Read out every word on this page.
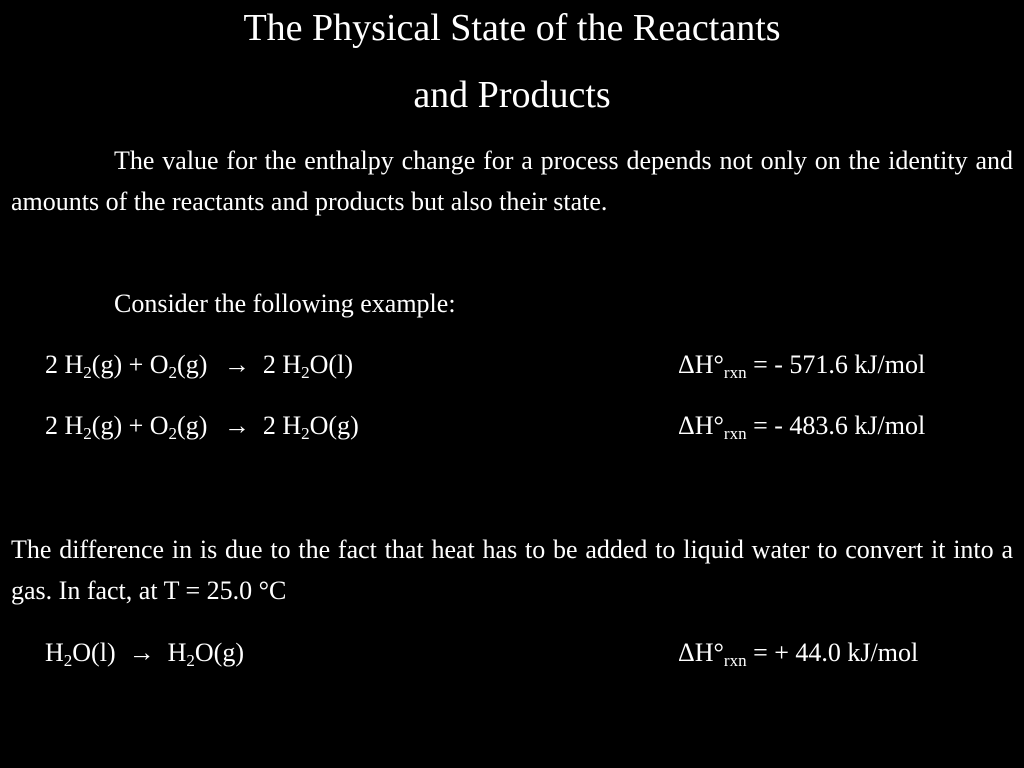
The Physical State of the Reactants
and Products
The value for the enthalpy change for a process depends not only on the identity and amounts of the reactants and products but also their state.
Consider the following example:
2 $H_2(g) + O_2(g) \to 2$ $H_2O(l)$	$\Delta H^\circ_{rxn}$ = - 571.6 kJ/mol
2 $H_2(g) + O_2(g) \to 2$ $H_2O(g)$	$\Delta H^\circ_{rxn}$ = - 483.6 kJ/mol
The difference in is due to the fact that heat has to be added to liquid water to convert it into a gas. In fact, at T = 25.0 °C
$H_2O(l) \to H_2O(g)$	$\Delta H^\circ_{rxn}$ = + 44.0 kJ/mol
